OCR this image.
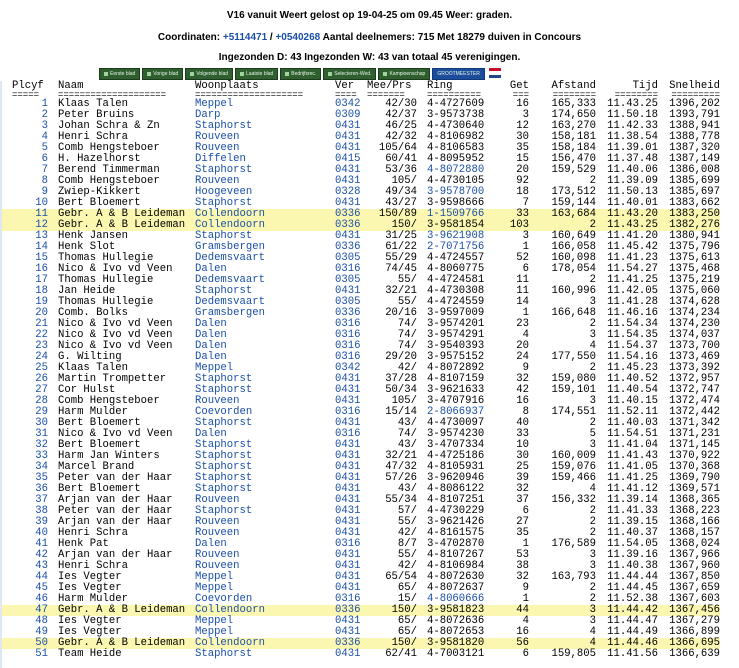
V16 vanuit Weert gelost op 19-04-25 om 09.45 Weer: graden.
Coordinaten: +5114471 / +0540268 Aantal deelnemers: 715 Met 18279 duiven in Concours
Ingezonden D: 43 Ingezonden W: 43 van totaal 45 verenigingen.
Eerste blad	Vorige blad	Volgende blad	Laatste blad	Bedrijfsrec.	Selecteren-Wed.	Kampioenschap GROOTMEESTER
Plcyf	Naam	Woonplaats	Ver	Mee/Prs	Ring	Get	Afstand	Tijd	Snelheid
=====	====================	====================	====	=======	==========	===	========	========	=========
1	Klaas Talen	Meppel	0342	42/30	4-4727609	16	165,333	11.43.25	1396,202
2	Peter Bruins	Darp	0309	42/37	3-9573738	3	174,650	11.50.18	1393,791
3	Johan Schra & Zn	Staphorst	0431	46/25	4-4730640	12	163,270	11.42.33	1388,941
4	Henri Schra	Rouveen	0431	42/32	4-8106982	30	158,181	11.38.54	1388,778
5	Comb Hengsteboer	Rouveen	0431	105/64	4-8106583	35	158,184	11.39.01	1387,320
6	H. Hazelhorst	Diffelen	0415	60/41	4-8095952	15	156,470	11.37.48	1387,149
7	Berend Timmerman	Staphorst	0431	53/36	4-8072880	20	159,529	11.40.06	1386,008
8	Comb Hengsteboer	Rouveen	0431	105/	4-4730105	92	2	11.39.09	1385,699
9	Zwiep-Kikkert	Hoogeveen	0328	49/34	3-9578700	18	173,512	11.50.13	1385,697
10	Bert Bloemert	Staphorst	0431	43/27	3-9598666	7	159,144	11.40.01	1383,662
11	Gebr. A & B Leideman	Collendoorn	0336	150/89	1-1509766	33	163,684	11.43.20	1383,250
12	Gebr. A & B Leideman	Collendoorn	0336	150/	3-9581854	103	2	11.43.25	1382,276
13	Henk Jansen	Staphorst	0431	31/25	3-9621908	3	160,649	11.41.20	1380,941
14	Henk Slot	Gramsbergen	0336	61/22	2-7071756	1	166,058	11.45.42	1375,796
15	Thomas Hullegie	Dedemsvaart	0305	55/29	4-4724557	52	160,098	11.41.23	1375,613
16	Nico & Ivo vd Veen	Dalen	0316	74/45	4-8060775	6	178,054	11.54.27	1375,468
17	Thomas Hullegie	Dedemsvaart	0305	55/	4-4724581	11	2	11.41.25	1375,219
18	Jan Heide	Staphorst	0431	32/21	4-4730308	11	160,996	11.42.05	1375,060
19	Thomas Hullegie	Dedemsvaart	0305	55/	4-4724559	14	3	11.41.28	1374,628
20	Comb. Bolks	Gramsbergen	0336	20/16	3-9597009	1	166,648	11.46.16	1374,234
21	Nico & Ivo vd Veen	Dalen	0316	74/	3-9574201	23	2	11.54.34	1374,230
22	Nico & Ivo vd Veen	Dalen	0316	74/	3-9574291	4	3	11.54.35	1374,037
23	Nico & Ivo vd Veen	Dalen	0316	74/	3-9540393	20	4	11.54.37	1373,700
24	G. Wilting	Dalen	0316	29/20	3-9575152	24	177,550	11.54.16	1373,469
25	Klaas Talen	Meppel	0342	42/	4-8072892	9	2	11.45.23	1373,392
26	Martin Trompetter	Staphorst	0431	37/28	4-8107159	32	159,080	11.40.52	1372,957
27	Cor Hulst	Staphorst	0431	50/34	3-9621633	42	159,101	11.40.54	1372,747
28	Comb Hengsteboer	Rouveen	0431	105/	3-4707916	16	3	11.40.15	1372,474
29	Harm Mulder	Coevorden	0316	15/14	2-8066937	8	174,551	11.52.11	1372,442
30	Bert Bloemert	Staphorst	0431	43/	4-4730097	40	2	11.40.03	1371,342
31	Nico & Ivo vd Veen	Dalen	0316	74/	3-9574230	33	5	11.54.51	1371,231
32	Bert Bloemert	Staphorst	0431	43/	3-4707334	10	3	11.41.04	1371,145
33	Harm Jan Winters	Staphorst	0431	32/21	4-4725186	30	160,009	11.41.43	1370,922
34	Marcel Brand	Staphorst	0431	47/32	4-8105931	25	159,076	11.41.05	1370,368
35	Peter van der Haar	Staphorst	0431	57/26	3-9620946	39	159,466	11.41.25	1369,790
36	Bert Bloemert	Staphorst	0431	43/	4-8086122	32	4	11.41.12	1369,571
37	Arjan van der Haar	Rouveen	0431	55/34	4-8107251	37	156,332	11.39.14	1368,365
38	Peter van der Haar	Staphorst	0431	57/	4-4730229	6	2	11.41.33	1368,223
39	Arjan van der Haar	Rouveen	0431	55/	3-9621426	27	2	11.39.15	1368,166
40	Henri Schra	Rouveen	0431	42/	4-8161575	35	2	11.40.37	1368,157
41	Henk Pat	Dalen	0316	8/7	3-4702870	1	176,589	11.54.05	1368,024
42	Arjan van der Haar	Rouveen	0431	55/	4-8107267	53	3	11.39.16	1367,966
43	Henri Schra	Rouveen	0431	42/	4-8106984	38	3	11.40.38	1367,960
44	Ies Vegter	Meppel	0431	65/54	4-8072630	32	163,793	11.44.44	1367,850
45	Ies Vegter	Meppel	0431	65/	4-8072637	9	2	11.44.45	1367,659
46	Harm Mulder	Coevorden	0316	15/	4-8060666	1	2	11.52.38	1367,603
47	Gebr. A & B Leideman	Collendoorn	0336	150/	3-9581823	44	3	11.44.42	1367,456
48	Ies Vegter	Meppel	0431	65/	4-8072636	4	3	11.44.47	1367,279
49	Ies Vegter	Meppel	0431	65/	4-8072653	16	4	11.44.49	1366,899
50	Gebr. A & B Leideman	Collendoorn	0336	150/	3-9581820	56	4	11.44.46	1366,695
51	Team Heide	Staphorst	0431	62/41	4-7003121	6	159,805	11.41.56	1366,639
